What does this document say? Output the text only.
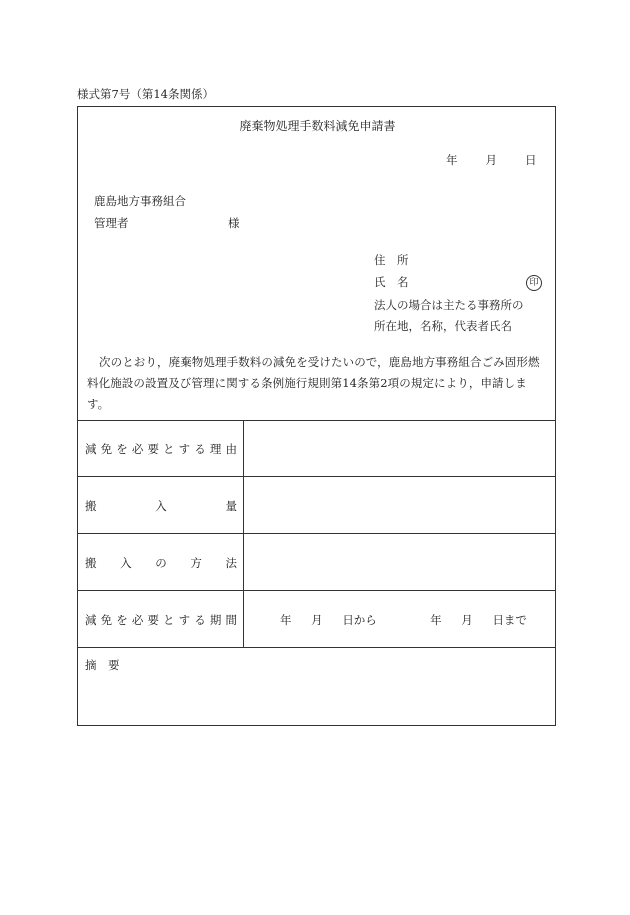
様式第7号（第14条関係）
廃棄物処理手数料減免申請書
年 月 日
鹿島地方事務組合
管理者	様
住　所
氏　名	印
法人の場合は主たる事務所の
所在地，名称，代表者氏名
次のとおり，廃棄物処理手数料の減免を受けたいので，鹿島地方事務組合ごみ固形燃料化施設の設置及び管理に関する条例施行規則第14条第2項の規定により，申請します。
減 免 を 必 要 と す る 理 由
搬	入	量
搬 入 の 方 法
減 免 を 必 要 と す る 期 間	年 月 日から	年 月 日まで
摘　要
